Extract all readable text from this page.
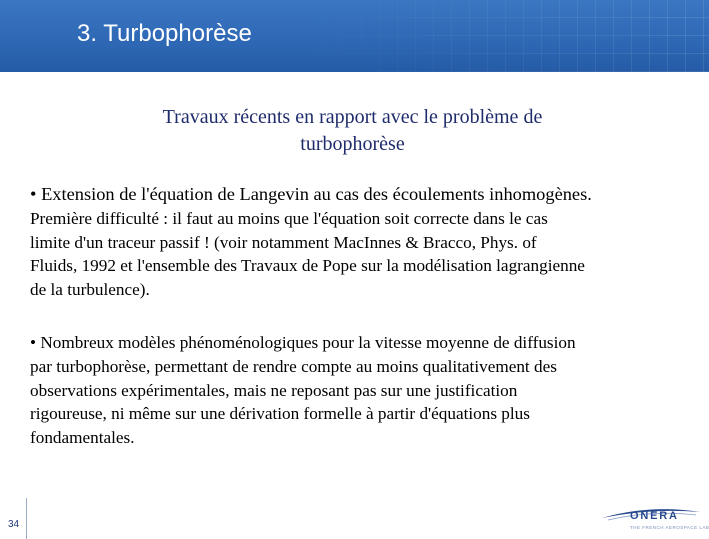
3. Turbophorèse
Travaux récents en rapport avec le problème de
turbophorèse
• Extension de l'équation de Langevin au cas des écoulements inhomogènes.
Première difficulté : il faut au moins que l'équation soit correcte dans le cas
limite d'un traceur passif ! (voir notamment MacInnes & Bracco, Phys. of
Fluids, 1992 et l'ensemble des Travaux de Pope sur la modélisation lagrangienne
de la turbulence).
• Nombreux modèles phénoménologiques pour la vitesse moyenne de diffusion
par turbophorèse, permettant de rendre compte au moins qualitativement des
observations expérimentales, mais ne reposant pas sur une justification
rigoureuse, ni même sur une dérivation formelle à partir d'équations plus
fondamentales.
34
ONERA
THE FRENCH AEROSPACE LAB
